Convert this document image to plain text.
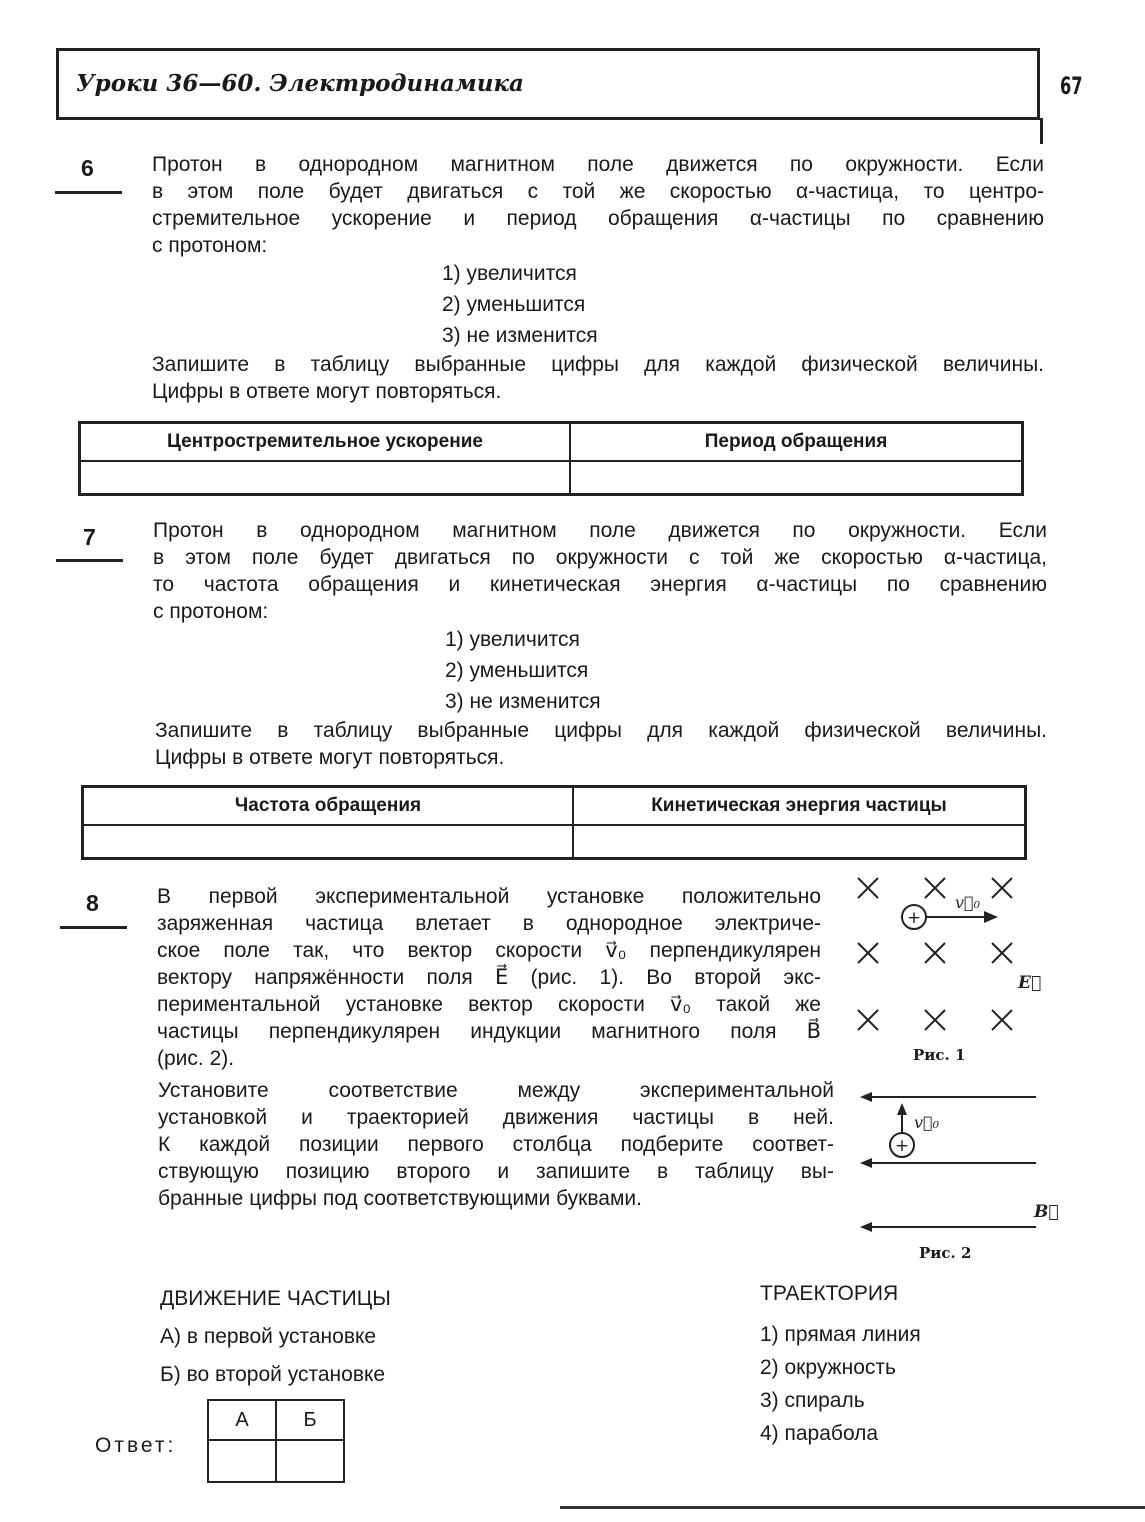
Уроки 36—60. Электродинамика	67
6	Протон в однородном магнитном поле движется по окружности. Если
в этом поле будет двигаться с той же скоростью α-частица, то центро-
стремительное ускорение и период обращения α-частицы по сравнению
с протоном:
1) увеличится
2) уменьшится
3) не изменится
Запишите в таблицу выбранные цифры для каждой физической величины.
Цифры в ответе могут повторяться.
Центростремительное ускорение	Период обращения

7	Протон в однородном магнитном поле движется по окружности. Если
в этом поле будет двигаться по окружности с той же скоростью α-частица,
то частота обращения и кинетическая энергия α-частицы по сравнению
с протоном:
1) увеличится
2) уменьшится
3) не изменится
Запишите в таблицу выбранные цифры для каждой физической величины.
Цифры в ответе могут повторяться.
Частота обращения	Кинетическая энергия частицы

8	В первой экспериментальной установке положительно
заряженная частица влетает в однородное электриче-
ское поле так, что вектор скорости v⃗₀ перпендикулярен
вектору напряжённости поля E⃗ (рис. 1). Во второй экс-
периментальной установке вектор скорости v⃗₀ такой же
частицы перпендикулярен индукции магнитного поля B⃗
(рис. 2).
Установите соответствие между экспериментальной
установкой и траекторией движения частицы в ней.
К каждой позиции первого столбца подберите соответ-
ствующую позицию второго и запишите в таблицу вы-
бранные цифры под соответствующими буквами.
+
v⃗₀
E⃗
Рис. 1
+
v⃗₀
B⃗
Рис. 2
ДВИЖЕНИЕ ЧАСТИЦЫ
А) в первой установке
Б) во второй установке
ТРАЕКТОРИЯ
1) прямая линия
2) окружность
3) спираль
4) парабола
Ответ:
А	Б
